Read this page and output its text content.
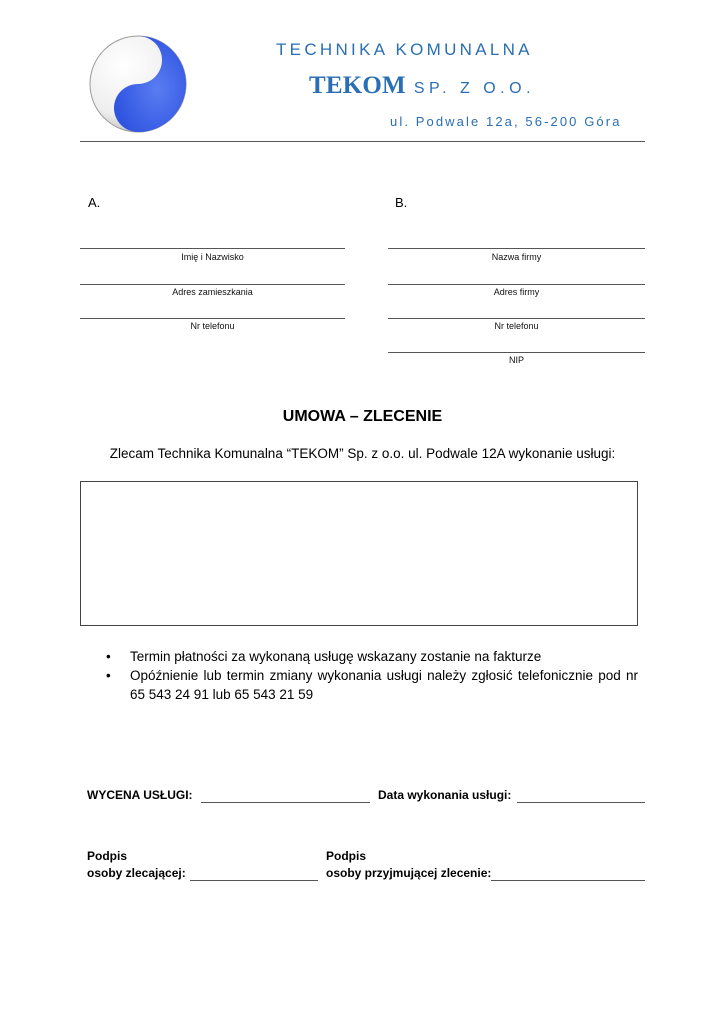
TECHNIKA KOMUNALNA
TEKOM SP. Z O.O.
ul. Podwale 12a, 56-200 Góra
A.
Imię i Nazwisko
Adres zamieszkania
Nr telefonu
B.
Nazwa firmy
Adres firmy
Nr telefonu
NIP
UMOWA – ZLECENIE
Zlecam Technika Komunalna “TEKOM” Sp. z o.o. ul. Podwale 12A wykonanie usługi:
•	Termin płatności za wykonaną usługę wskazany zostanie na fakturze
•	Opóźnienie lub termin zmiany wykonania usługi należy zgłosić telefonicznie pod nr 65 543 24 91 lub 65 543 21 59
WYCENA USŁUGI:	Data wykonania usługi:
Podpis
osoby zlecającej:
Podpis
osoby przyjmującej zlecenie:
